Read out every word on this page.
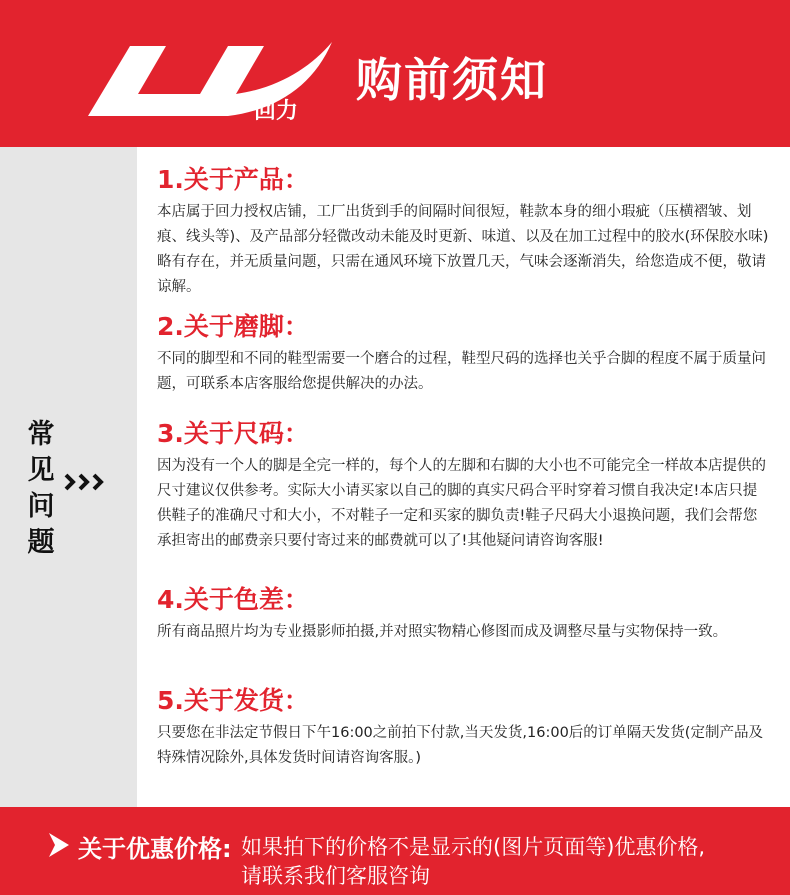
1927 回力
购前须知
常
见
问
题
1.关于产品：
本店属于回力授权店铺，工厂出货到手的间隔时间很短，鞋款本身的细小瑕疵（压横褶皱、划痕、线头等)、及产品部分轻微改动未能及时更新、味道、以及在加工过程中的胶水(环保胶水味)略有存在，并无质量问题，只需在通风环境下放置几天，气味会逐渐消失，给您造成不便，敬请谅解。
2.关于磨脚：
不同的脚型和不同的鞋型需要一个磨合的过程，鞋型尺码的选择也关乎合脚的程度不属于质量问题，可联系本店客服给您提供解决的办法。
3.关于尺码：
因为没有一个人的脚是全完一样的，每个人的左脚和右脚的大小也不可能完全一样故本店提供的尺寸建议仅供参考。实际大小请买家以自己的脚的真实尺码合平时穿着习惯自我决定!本店只提供鞋子的准确尺寸和大小，不对鞋子一定和买家的脚负责!鞋子尺码大小退换问题，我们会帮您承担寄出的邮费亲只要付寄过来的邮费就可以了!其他疑问请咨询客服!
4.关于色差：
所有商品照片均为专业摄影师拍摄,并对照实物精心修图而成及调整尽量与实物保持一致。
5.关于发货：
只要您在非法定节假日下午16:00之前拍下付款,当天发货,16:00后的订单隔天发货(定制产品及特殊情况除外,具体发货时间请咨询客服。)
关于优惠价格: 如果拍下的价格不是显示的(图片页面等)优惠价格,
请联系我们客服咨询
